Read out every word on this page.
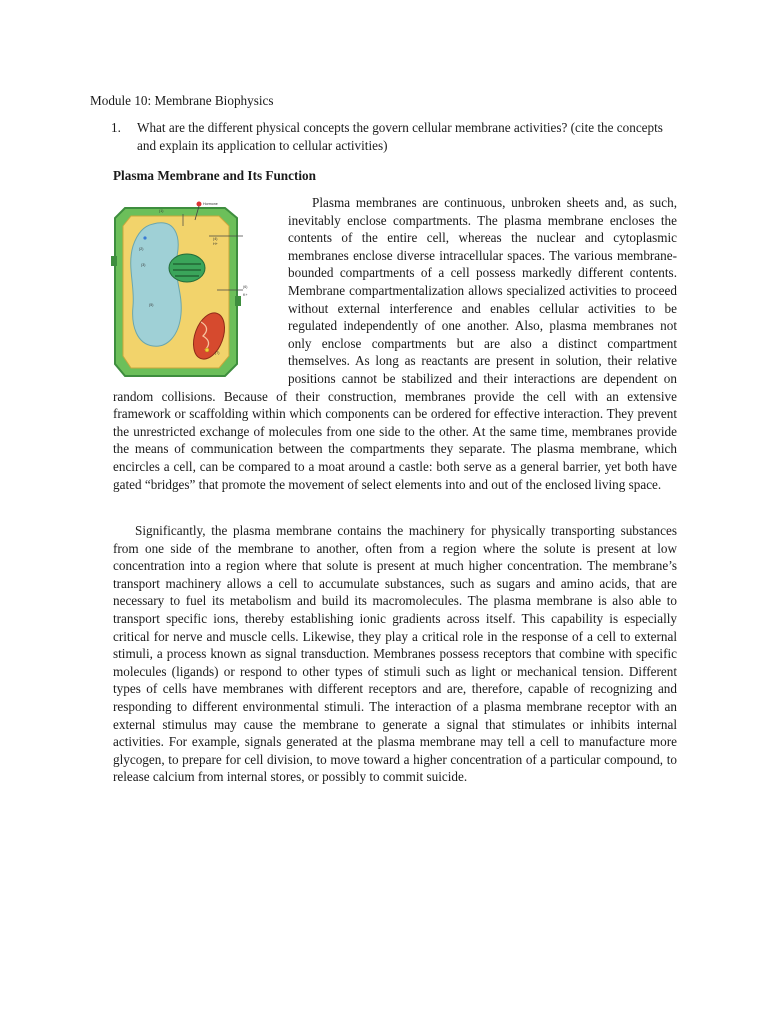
Module 10: Membrane Biophysics
1. What are the different physical concepts the govern cellular membrane activities? (cite the concepts and explain its application to cellular activities)
Plasma Membrane and Its Function
Plasma membranes are continuous, unbroken sheets and, as such, inevitably enclose compartments. The plasma membrane encloses the contents of the entire cell, whereas the nuclear and cytoplasmic membranes enclose diverse intracellular spaces. The various membrane-bounded compartments of a cell possess markedly different contents. Membrane compartmentalization allows specialized activities to proceed without external interference and enables cellular activities to be regulated independently of one another. Also, plasma membranes not only enclose compartments but are also a distinct compartment themselves. As long as reactants are present in solution, their relative positions cannot be stabilized and their interactions are dependent on random collisions. Because of their construction, membranes provide the cell with an extensive framework or scaffolding within which components can be ordered for effective interaction. They prevent the unrestricted exchange of molecules from one side to the other. At the same time, membranes provide the means of communication between the compartments they separate. The plasma membrane, which encircles a cell, can be compared to a moat around a castle: both serve as a general barrier, yet both have gated “bridges” that promote the movement of select elements into and out of the enclosed living space.
Hormone
(1)
(2)
(3)
(4)
H+
(5)
(6)
K+
(7)
Significantly, the plasma membrane contains the machinery for physically transporting substances from one side of the membrane to another, often from a region where the solute is present at low concentration into a region where that solute is present at much higher concentration. The membrane’s transport machinery allows a cell to accumulate substances, such as sugars and amino acids, that are necessary to fuel its metabolism and build its macromolecules. The plasma membrane is also able to transport specific ions, thereby establishing ionic gradients across itself. This capability is especially critical for nerve and muscle cells. Likewise, they play a critical role in the response of a cell to external stimuli, a process known as signal transduction. Membranes possess receptors that combine with specific molecules (ligands) or respond to other types of stimuli such as light or mechanical tension. Different types of cells have membranes with different receptors and are, therefore, capable of recognizing and responding to different environmental stimuli. The interaction of a plasma membrane receptor with an external stimulus may cause the membrane to generate a signal that stimulates or inhibits internal activities. For example, signals generated at the plasma membrane may tell a cell to manufacture more glycogen, to prepare for cell division, to move toward a higher concentration of a particular compound, to release calcium from internal stores, or possibly to commit suicide.
